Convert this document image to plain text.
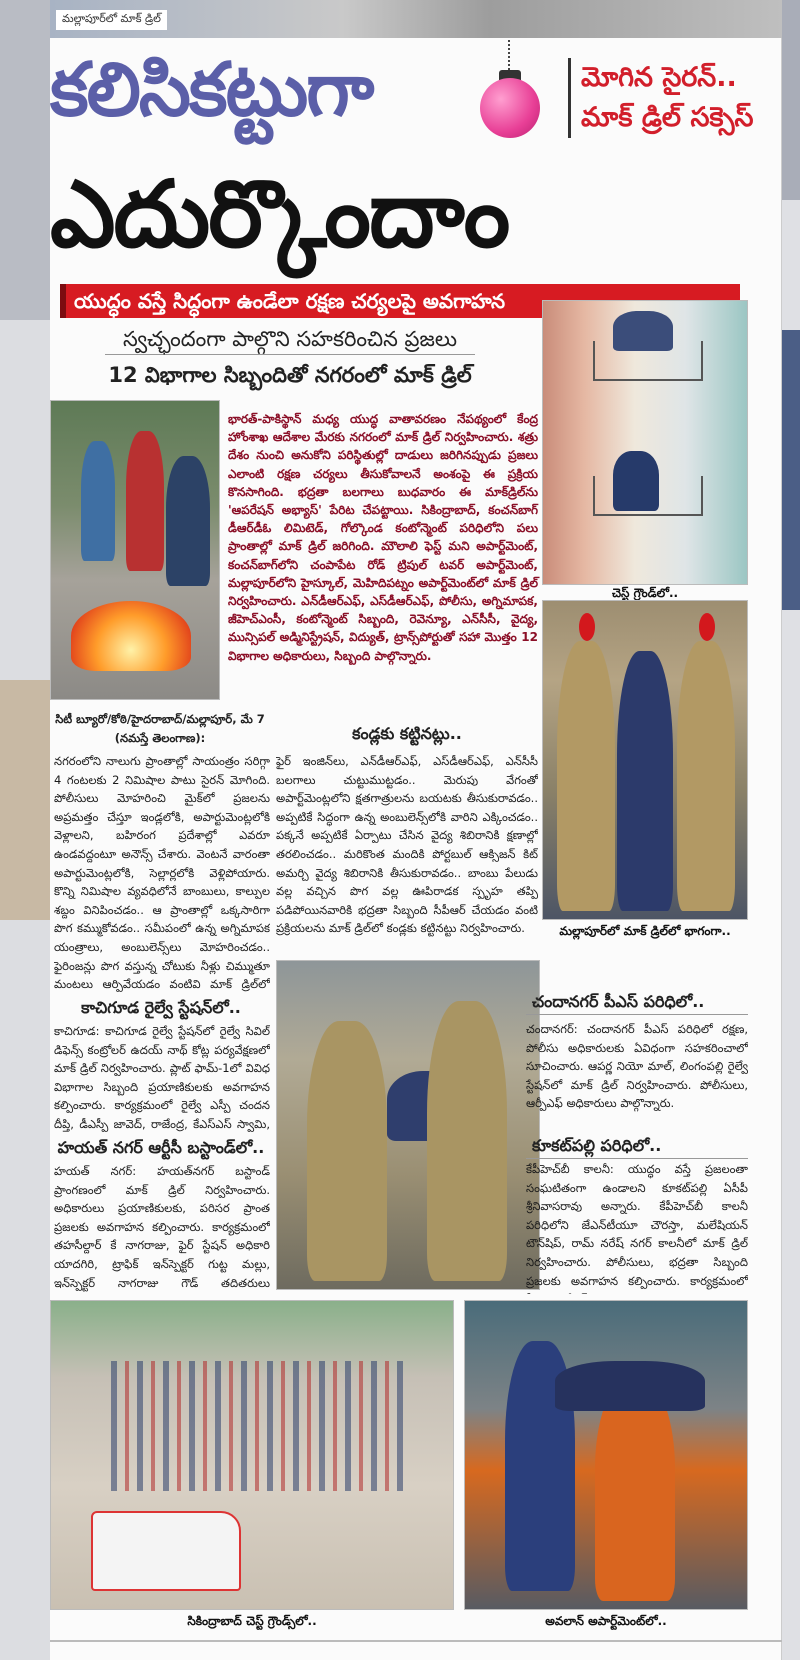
మల్లాపూర్‌లో మాక్ డ్రిల్
కలిసికట్టుగా	మోగిన సైరన్..
మాక్ డ్రిల్ సక్సెస్
ఎదుర్కొందాం
యుద్ధం వస్తే సిద్ధంగా ఉండేలా రక్షణ చర్యలపై అవగాహన
స్వచ్ఛందంగా పాల్గొని సహకరించిన ప్రజలు
12 విభాగాల సిబ్బందితో నగరంలో మాక్ డ్రిల్
భారత్-పాకిస్థాన్ మధ్య యుద్ధ వాతావరణం నేపథ్యంలో కేంద్ర హోంశాఖ ఆదేశాల మేరకు నగరంలో మాక్ డ్రిల్ నిర్వహించారు. శత్రు దేశం నుంచి అనుకోని పరిస్థితుల్లో దాడులు జరిగినప్పుడు ప్రజలు ఎలాంటి రక్షణ చర్యలు తీసుకోవాలనే అంశంపై ఈ ప్రక్రియ కొనసాగింది. భద్రతా బలగాలు బుధవారం ఈ మాక్‌డ్రిల్‌ను 'ఆపరేషన్ అభ్యాస్' పేరిట చేపట్టాయి. సికింద్రాబాద్, కంచన్‌బాగ్ డీఆర్‌డీఓ లిమిటెడ్, గోల్కొండ కంటోన్మెంట్ పరిధిలోని పలు ప్రాంతాల్లో మాక్ డ్రిల్ జరిగింది. మౌలాలి ఫెస్ట్ మని అపార్ట్‌మెంట్, కంచన్‌బాగ్‌లోని చంపాపేట రోడ్ ట్రిపుల్ టవర్ అపార్ట్‌మెంట్, మల్లాపూర్‌లోని హైస్కూల్, మెహిదిపట్నం అపార్ట్‌మెంట్‌లో మాక్ డ్రిల్ నిర్వహించారు. ఎన్‌డీఆర్‌ఎఫ్, ఎస్‌డీఆర్‌ఎఫ్, పోలీసు, అగ్నిమాపక, జీహెచ్‌ఎంసీ, కంటోన్మెంట్ సిబ్బంది, రెవెన్యూ, ఎన్‌సీసీ, వైద్య, మున్సిపల్ అడ్మినిస్ట్రేషన్, విద్యుత్, ట్రాన్స్‌పోర్టుతో సహా మొత్తం 12 విభాగాల అధికారులు, సిబ్బంది పాల్గొన్నారు.
చెస్ట్ గ్రౌండ్‌లో..
మల్లాపూర్‌లో మాక్ డ్రిల్‌లో భాగంగా..
సిటీ బ్యూరో/కోఠి/హైదరాబాద్/మల్లాపూర్, మే 7 (నమస్తే తెలంగాణ):
నగరంలోని నాలుగు ప్రాంతాల్లో సాయంత్రం సరిగ్గా 4 గంటలకు 2 నిమిషాల పాటు సైరన్ మోగింది. పోలీసులు మోహరించి మైక్‌లో ప్రజలను అప్రమత్తం చేస్తూ ఇండ్లలోకి, అపార్టుమెంట్లలోకి వెళ్లాలని, బహిరంగ ప్రదేశాల్లో ఎవరూ ఉండవద్దంటూ అనౌన్స్ చేశారు. వెంటనే వారంతా అపార్టుమెంట్లలోకి, సెల్లార్లలోకి వెళ్లిపోయారు. కొన్ని నిమిషాల వ్యవధిలోనే బాంబులు, కాల్పుల శబ్దం వినిపించడం.. ఆ ప్రాంతాల్లో ఒక్కసారిగా పొగ కమ్ముకోవడం.. సమీపంలో ఉన్న అగ్నిమాపక యంత్రాలు, అంబులెన్స్‌లు మోహరించడం.. ఫైరింజన్లు పొగ వస్తున్న చోటుకు నీళ్లు చిమ్ముతూ మంటలు ఆర్పివేయడం వంటివి మాక్ డ్రిల్‌లో
కండ్లకు కట్టినట్లు..
ఫైర్ ఇంజిన్‌లు, ఎన్‌డీఆర్‌ఎఫ్, ఎస్‌డీఆర్‌ఎఫ్, ఎన్‌సీసీ బలగాలు చుట్టుముట్టడం.. మెరుపు వేగంతో అపార్ట్‌మెంట్లలోని క్షతగాత్రులను బయటకు తీసుకురావడం.. అప్పటికే సిద్ధంగా ఉన్న అంబులెన్స్‌లోకి వారిని ఎక్కించడం.. పక్కనే అప్పటికే ఏర్పాటు చేసిన వైద్య శిబిరానికి క్షణాల్లో తరలించడం.. మరికొంత మందికి పోర్టబుల్ ఆక్సిజన్ కిట్ అమర్చి వైద్య శిబిరానికి తీసుకురావడం.. బాంబు పేలుడు వల్ల వచ్చిన పొగ వల్ల ఊపిరాడక స్పృహ తప్పి పడిపోయినవారికి భద్రతా సిబ్బంది సీపీఆర్ చేయడం వంటి ప్రక్రియలను మాక్ డ్రిల్‌లో కండ్లకు కట్టినట్టు నిర్వహించారు.
కాచిగూడ రైల్వే స్టేషన్‌లో..
కాచిగూడ: కాచిగూడ రైల్వే స్టేషన్‌లో రైల్వే సివిల్ డిఫెన్స్ కంట్రోలర్ ఉదయ్ నాథ్ కోట్ల పర్యవేక్షణలో మాక్ డ్రిల్ నిర్వహించారు. ప్లాట్ ఫామ్-1లో వివిధ విభాగాల సిబ్బంది ప్రయాణికులకు అవగాహన కల్పించారు. కార్యక్రమంలో రైల్వే ఎస్పీ చందన దీప్తి, డీఎస్పీ జావెద్, రాజేంద్ర, కేఎస్‌ఎస్ స్వామి,
హయత్ నగర్ ఆర్టీసీ బస్టాండ్‌లో..
హయత్ నగర్: హయత్‌నగర్ బస్టాండ్ ప్రాంగణంలో మాక్ డ్రిల్ నిర్వహించారు. అధికారులు ప్రయాణికులకు, పరిసర ప్రాంత ప్రజలకు అవగాహన కల్పించారు. కార్యక్రమంలో తహసీల్దార్ కే నాగరాజు, ఫైర్ స్టేషన్ అధికారి యాదగిరి, ట్రాఫిక్ ఇన్‌స్పెక్టర్ గుట్ట మల్లు, ఇన్‌స్పెక్టర్ నాగరాజు గౌడ్ తదితరులు
చందానగర్ పీఎస్ పరిధిలో..
చందానగర్: చందానగర్ పీఎస్ పరిధిలో రక్షణ, పోలీసు అధికారులకు ఏవిధంగా సహకరించాలో సూచించారు. ఆపర్ణ నియో మాల్, లింగంపల్లి రైల్వే స్టేషన్‌లో మాక్ డ్రిల్ నిర్వహించారు. పోలీసులు, ఆర్పీఎఫ్ అధికారులు పాల్గొన్నారు.
కూకట్‌పల్లి పరిధిలో..
కేపీహెచ్‌బీ కాలనీ: యుద్ధం వస్తే ప్రజలంతా సంఘటితంగా ఉండాలని కూకట్‌పల్లి ఏసీపీ శ్రీనివాసరావు అన్నారు. కేపీహెచ్‌బీ కాలనీ పరిధిలోని జేఎన్‌టీయూ చౌరస్తా, మలేషియన్ టౌన్‌షిప్, రామ్ నరేష్ నగర్ కాలనీలో మాక్ డ్రిల్ నిర్వహించారు. పోలీసులు, భద్రతా సిబ్బంది ప్రజలకు అవగాహన కల్పించారు. కార్యక్రమంలో
సికింద్రాబాద్ చెస్ట్ గ్రౌండ్స్‌లో..	అవలాన్ అపార్ట్‌మెంట్‌లో..
